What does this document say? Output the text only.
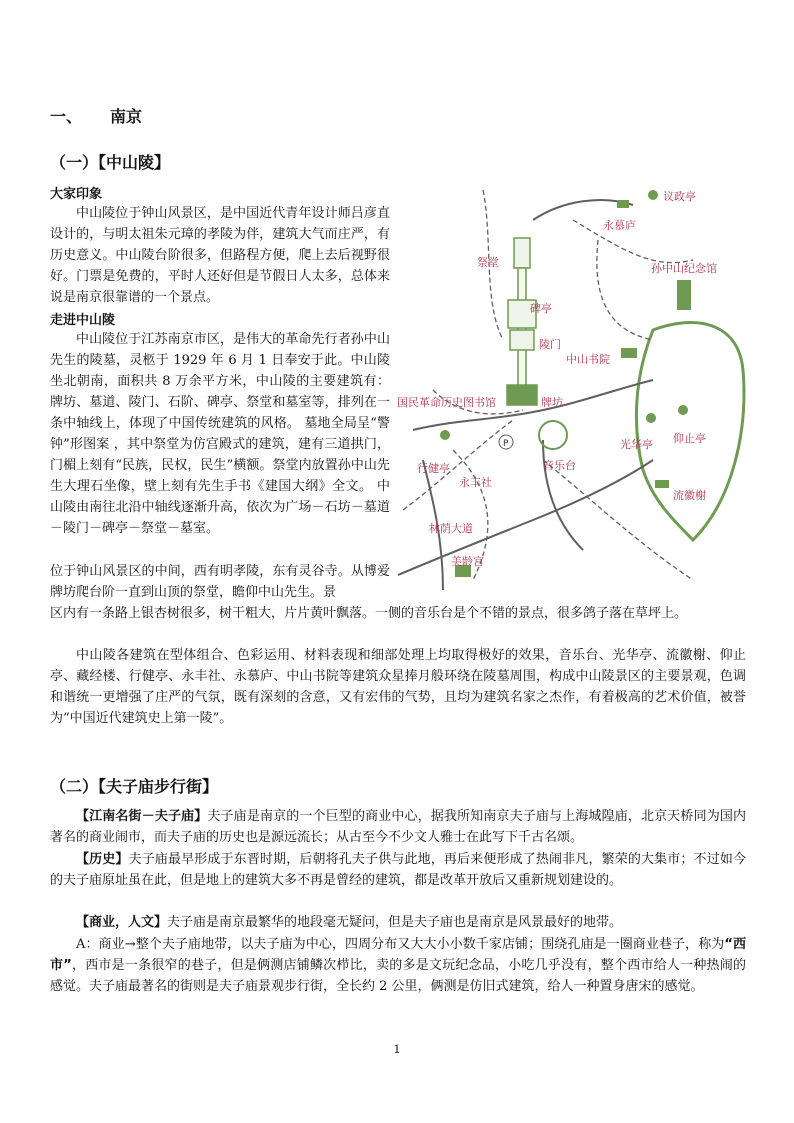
一、 南京
（一）【中山陵】
大家印象
中山陵位于钟山风景区，是中国近代青年设计师吕彦直设计的，与明太祖朱元璋的孝陵为伴，建筑大气而庄严，有历史意义。中山陵台阶很多，但路程方便，爬上去后视野很好。门票是免费的，平时人还好但是节假日人太多，总体来说是南京很靠谱的一个景点。
走进中山陵
中山陵位于江苏南京市区，是伟大的革命先行者孙中山先生的陵墓，灵柩于 1929 年 6 月 1 日奉安于此。中山陵坐北朝南，面积共 8 万余平方米，中山陵的主要建筑有：牌坊、墓道、陵门、石阶、碑亭、祭堂和墓室等，排列在一条中轴线上，体现了中国传统建筑的风格。 墓地全局呈“警钟”形图案 ，其中祭堂为仿宫殿式的建筑，建有三道拱门，门楣上刻有“民族，民权，民生”横额。祭堂内放置孙中山先生大理石坐像，壁上刻有先生手书《建国大纲》全文。 中山陵由南往北沿中轴线逐渐升高，依次为广场－石坊－墓道－陵门－碑亭－祭堂－墓室。
位于钟山风景区的中间，西有明孝陵，东有灵谷寺。从博爱牌坊爬台阶一直到山顶的祭堂，瞻仰中山先生。景
区内有一条路上银杏树很多，树干粗大，片片黄叶飘落。一侧的音乐台是个不错的景点，很多鸽子落在草坪上。
中山陵各建筑在型体组合、色彩运用、材料表现和细部处理上均取得极好的效果，音乐台、光华亭、流徽榭、仰止亭、藏经楼、行健亭、永丰社、永慕庐、中山书院等建筑众星捧月般环绕在陵墓周围，构成中山陵景区的主要景观，色调和谐统一更增强了庄严的气氛，既有深刻的含意，又有宏伟的气势，且均为建筑名家之杰作，有着极高的艺术价值，被誉为“中国近代建筑史上第一陵”。
P
议政亭
永慕庐
祭堂	孙中山纪念馆
碑亭
陵门
中山书院
国民革命历史图书馆	牌坊
光华亭 仰止亭
行健亭	音乐台
永丰社
流徽榭
林荫大道
美龄宫
（二）【夫子庙步行街】
【江南名街－夫子庙】夫子庙是南京的一个巨型的商业中心，据我所知南京夫子庙与上海城隍庙，北京天桥同为国内著名的商业闹市，而夫子庙的历史也是源远流长；从古至今不少文人雅士在此写下千古名颂。
【历史】夫子庙最早形成于东晋时期，后朝将孔夫子供与此地，再后来便形成了热闹非凡，繁荣的大集市；不过如今的夫子庙原址虽在此，但是地上的建筑大多不再是曾经的建筑，都是改革开放后又重新规划建设的。
【商业，人文】夫子庙是南京最繁华的地段毫无疑问，但是夫子庙也是南京是风景最好的地带。
A：商业→整个夫子庙地带，以夫子庙为中心，四周分布又大大小小数千家店铺；围绕孔庙是一圈商业巷子，称为“西市”，西市是一条很窄的巷子，但是俩测店铺鳞次栉比，卖的多是文玩纪念品，小吃几乎没有，整个西市给人一种热闹的感觉。夫子庙最著名的街则是夫子庙景观步行街，全长约 2 公里，俩测是仿旧式建筑，给人一种置身唐宋的感觉。
1
